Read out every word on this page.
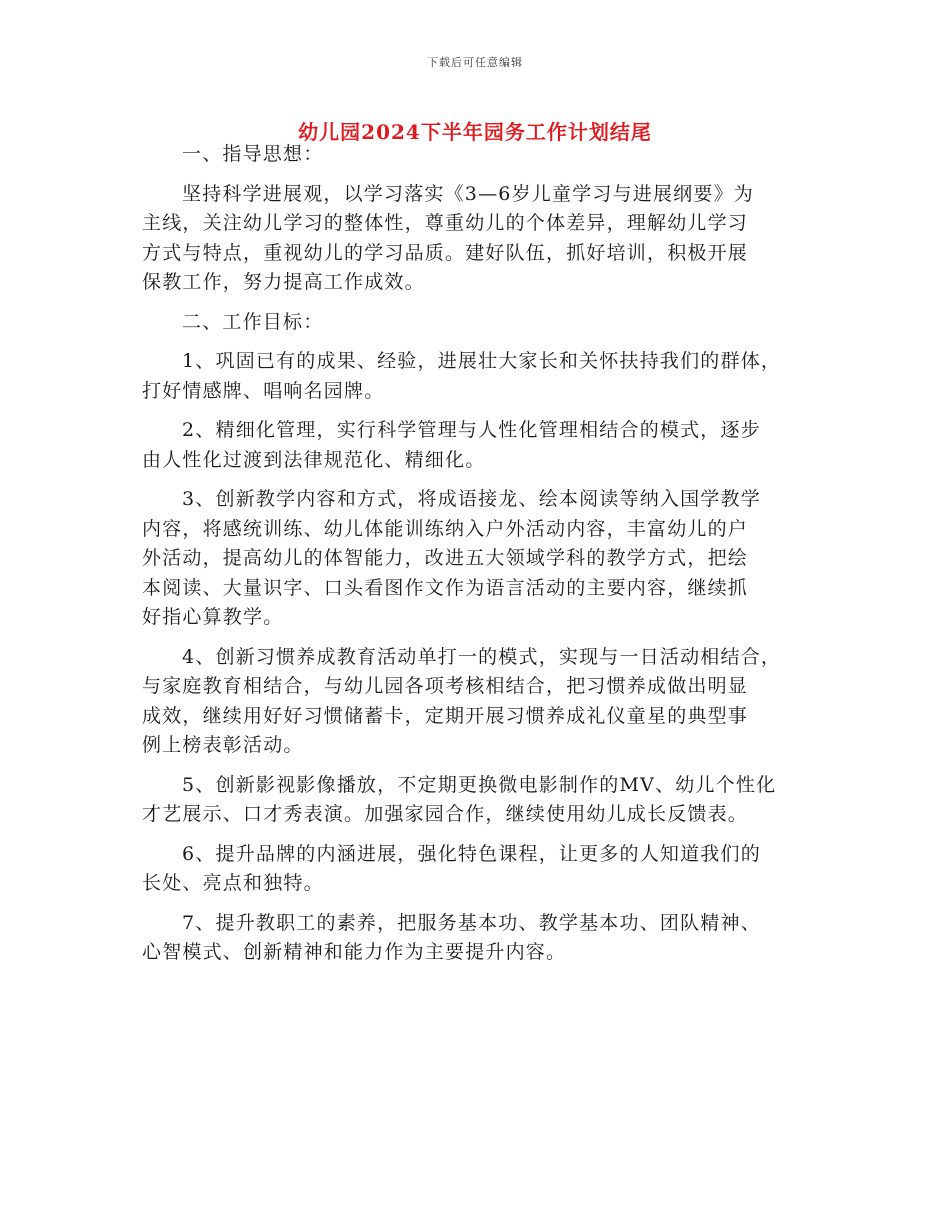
下载后可任意编辑
幼儿园2024下半年园务工作计划结尾
一、指导思想：
坚持科学进展观，以学习落实《3—6岁儿童学习与进展纲要》为
主线，关注幼儿学习的整体性，尊重幼儿的个体差异，理解幼儿学习
方式与特点，重视幼儿的学习品质。建好队伍，抓好培训，积极开展
保教工作，努力提高工作成效。
二、工作目标：
1、巩固已有的成果、经验，进展壮大家长和关怀扶持我们的群体，
打好情感牌、唱响名园牌。
2、精细化管理，实行科学管理与人性化管理相结合的模式，逐步
由人性化过渡到法律规范化、精细化。
3、创新教学内容和方式，将成语接龙、绘本阅读等纳入国学教学
内容，将感统训练、幼儿体能训练纳入户外活动内容，丰富幼儿的户
外活动，提高幼儿的体智能力，改进五大领域学科的教学方式，把绘
本阅读、大量识字、口头看图作文作为语言活动的主要内容，继续抓
好指心算教学。
4、创新习惯养成教育活动单打一的模式，实现与一日活动相结合，
与家庭教育相结合，与幼儿园各项考核相结合，把习惯养成做出明显
成效，继续用好好习惯储蓄卡，定期开展习惯养成礼仪童星的典型事
例上榜表彰活动。
5、创新影视影像播放，不定期更换微电影制作的MV、幼儿个性化
才艺展示、口才秀表演。加强家园合作，继续使用幼儿成长反馈表。
6、提升品牌的内涵进展，强化特色课程，让更多的人知道我们的
长处、亮点和独特。
7、提升教职工的素养，把服务基本功、教学基本功、团队精神、
心智模式、创新精神和能力作为主要提升内容。
